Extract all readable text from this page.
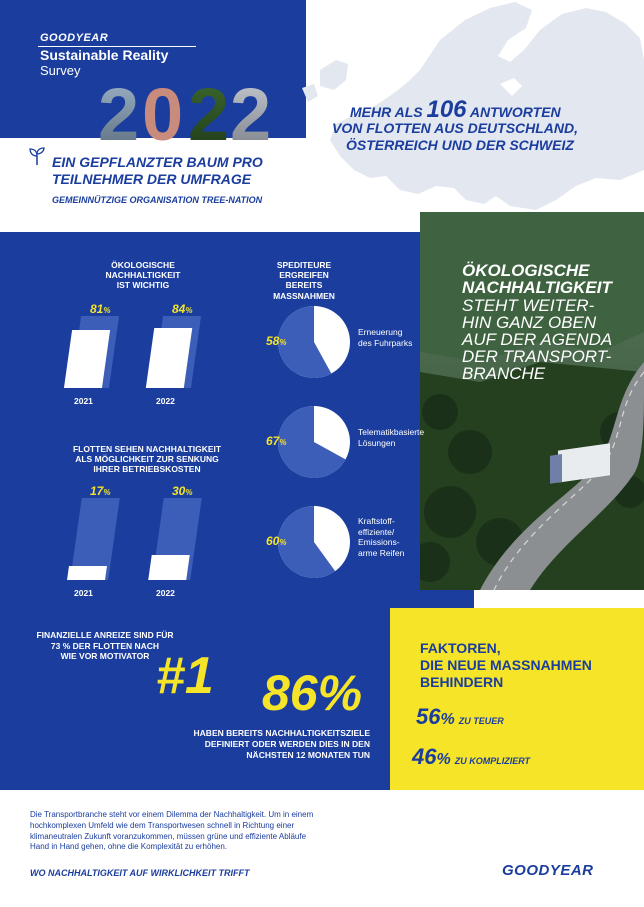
GOODYEAR
Sustainable Reality
Survey
2 0 2 2	MEHR ALS 106 ANTWORTEN
VON FLOTTEN AUS DEUTSCHLAND,
ÖSTERREICH UND DER SCHWEIZ
EIN GEPFLANZTER BAUM PRO
TEILNEHMER DER UMFRAGE
GEMEINNÜTZIGE ORGANISATION TREE-NATION
ÖKOLOGISCHE
NACHHALTIGKEIT
STEHT WEITER-
HIN GANZ OBEN
AUF DER AGENDA
DER TRANSPORT-
BRANCHE
ÖKOLOGISCHE
NACHHALTIGKEIT
IST WICHTIG
81%
2021
84%
2022
FLOTTEN SEHEN NACHHALTIGKEIT
ALS MÖGLICHKEIT ZUR SENKUNG
IHRER BETRIEBSKOSTEN
17%
2021
30%
2022
SPEDITEURE
ERGREIFEN BEREITS
MASSNAHMEN
58%
Erneuerung
des Fuhrparks
67%
Telematikbasierte
Lösungen
60%
Kraftstoff-
effiziente/
Emissions-
arme Reifen
FINANZIELLE ANREIZE SIND FÜR
73 % DER FLOTTEN NACH
WIE VOR MOTIVATOR #1 86%
HABEN BEREITS NACHHALTIGKEITSZIELE
DEFINIERT ODER WERDEN DIES IN DEN
NÄCHSTEN 12 MONATEN TUN
FAKTOREN,
DIE NEUE MASSNAHMEN
BEHINDERN
56% ZU TEUER
46% ZU KOMPLIZIERT
Die Transportbranche steht vor einem Dilemma der Nachhaltigkeit. Um in einem
hochkomplexen Umfeld wie dem Transportwesen schnell in Richtung einer
klimaneutralen Zukunft voranzukommen, müssen grüne und effiziente Abläufe
Hand in Hand gehen, ohne die Komplexität zu erhöhen.
WO NACHHALTIGKEIT AUF WIRKLICHKEIT TRIFFT	GOODYEAR
